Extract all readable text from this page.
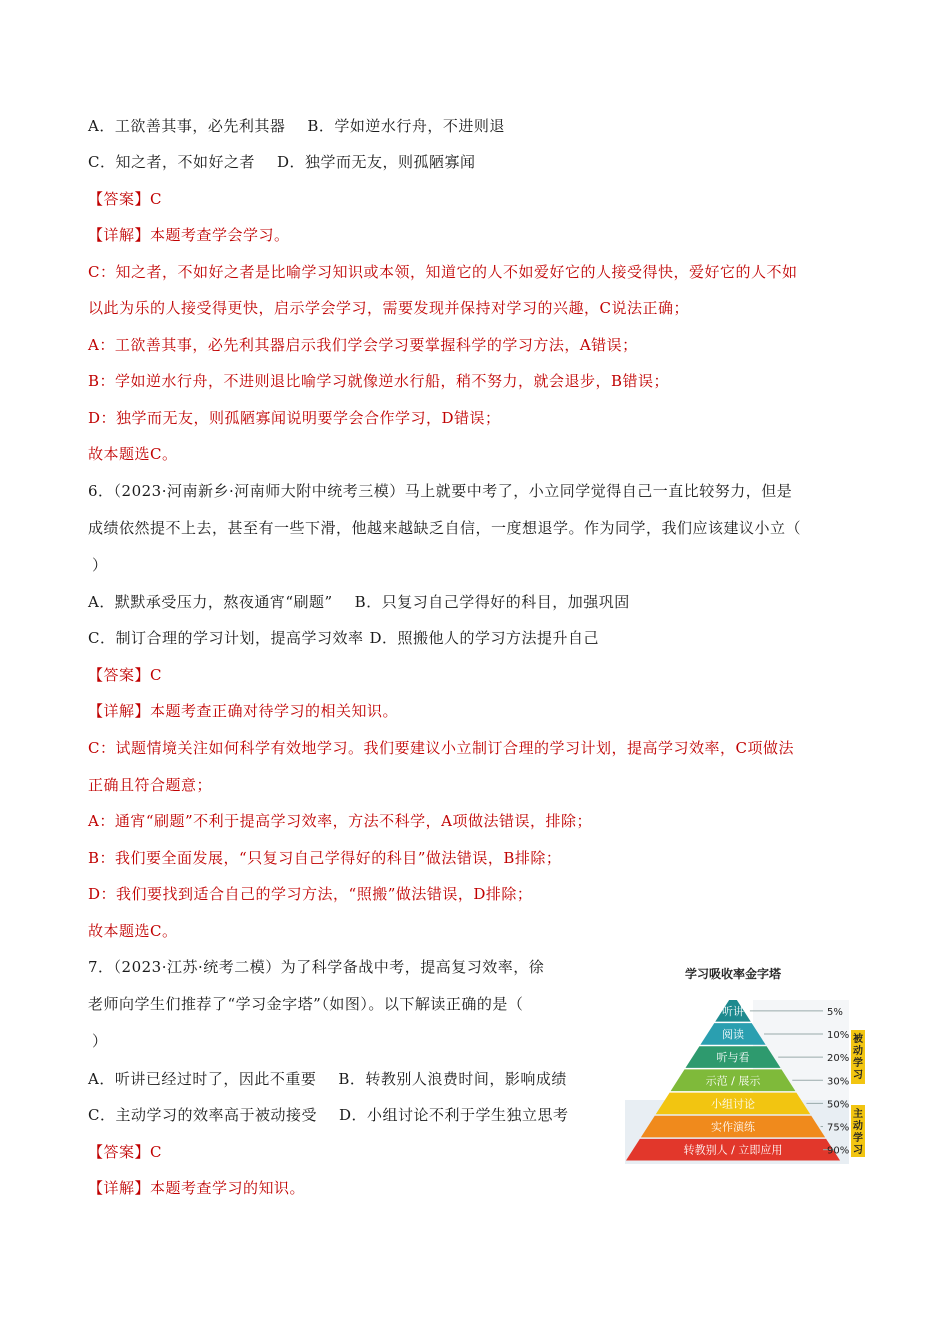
A．工欲善其事，必先利其器 B．学如逆水行舟，不进则退
C．知之者，不如好之者 D．独学而无友，则孤陋寡闻
【答案】C
【详解】本题考查学会学习。
C：知之者，不如好之者是比喻学习知识或本领，知道它的人不如爱好它的人接受得快，爱好它的人不如
以此为乐的人接受得更快，启示学会学习，需要发现并保持对学习的兴趣，C说法正确；
A：工欲善其事，必先利其器启示我们学会学习要掌握科学的学习方法，A错误；
B：学如逆水行舟，不进则退比喻学习就像逆水行船，稍不努力，就会退步，B错误；
D：独学而无友，则孤陋寡闻说明要学会合作学习，D错误；
故本题选C。
6．（2023·河南新乡·河南师大附中统考三模）马上就要中考了，小立同学觉得自己一直比较努力，但是
成绩依然提不上去，甚至有一些下滑，他越来越缺乏自信，一度想退学。作为同学，我们应该建议小立（
）
A．默默承受压力，熬夜通宵“刷题” B．只复习自己学得好的科目，加强巩固
C．制订合理的学习计划，提高学习效率 D．照搬他人的学习方法提升自己
【答案】C
【详解】本题考查正确对待学习的相关知识。
C：试题情境关注如何科学有效地学习。我们要建议小立制订合理的学习计划，提高学习效率，C项做法
正确且符合题意；
A：通宵“刷题”不利于提高学习效率，方法不科学，A项做法错误，排除；
B：我们要全面发展，“只复习自己学得好的科目”做法错误，B排除；
D：我们要找到适合自己的学习方法，“照搬”做法错误，D排除；
故本题选C。
7．（2023·江苏·统考二模）为了科学备战中考，提高复习效率，徐
老师向学生们推荐了“学习金字塔”（如图）。以下解读正确的是（
）
A．听讲已经过时了，因此不重要 B．转教别人浪费时间，影响成绩
C．主动学习的效率高于被动接受 D．小组讨论不利于学生独立思考
【答案】C
【详解】本题考查学习的知识。
学习吸收率金字塔
听讲	5%
阅读	10%
听与看	20%
示范 / 展示	30%
小组讨论	50%
实作演练	75%
转教别人 / 立即应用	90%
被动学习
主动学习
